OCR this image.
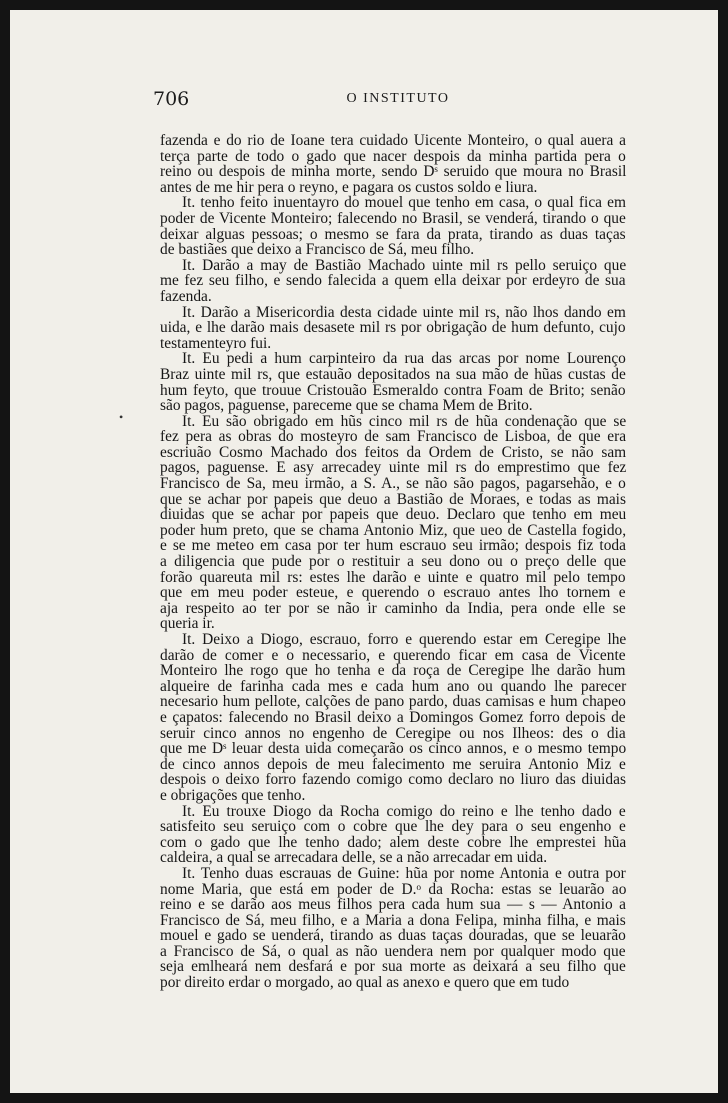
706	O INSTITUTO
•
fazenda e do rio de Ioane tera cuidado Uicente Monteiro, o qual auera a
terça parte de todo o gado que nacer despois da minha partida pera o
reino ou despois de minha morte, sendo Dˢ seruido que moura no Brasil
antes de me hir pera o reyno, e pagara os custos soldo e liura.
It. tenho feito inuentayro do mouel que tenho em casa, o qual fica em
poder de Vicente Monteiro; falecendo no Brasil, se venderá, tirando o que
deixar alguas pessoas; o mesmo se fara da prata, tirando as duas taças
de bastiães que deixo a Francisco de Sá, meu filho.
It. Darão a may de Bastião Machado uinte mil rs pello seruiço que
me fez seu filho, e sendo falecida a quem ella deixar por erdeyro de sua
fazenda.
It. Darão a Misericordia desta cidade uinte mil rs, não lhos dando em
uida, e lhe darão mais desasete mil rs por obrigação de hum defunto, cujo
testamenteyro fui.
It. Eu pedi a hum carpinteiro da rua das arcas por nome Lourenço
Braz uinte mil rs, que estauão depositados na sua mão de hũas custas de
hum feyto, que trouue Cristouão Esmeraldo contra Foam de Brito; senão
são pagos, paguense, pareceme que se chama Mem de Brito.
It. Eu são obrigado em hũs cinco mil rs de hũa condenação que se
fez pera as obras do mosteyro de sam Francisco de Lisboa, de que era
escriuão Cosmo Machado dos feitos da Ordem de Cristo, se não sam
pagos, paguense. E asy arrecadey uinte mil rs do emprestimo que fez
Francisco de Sa, meu irmão, a S. A., se não são pagos, pagarsehão, e o
que se achar por papeis que deuo a Bastião de Moraes, e todas as mais
diuidas que se achar por papeis que deuo. Declaro que tenho em meu
poder hum preto, que se chama Antonio Miz, que ueo de Castella fogido,
e se me meteo em casa por ter hum escrauo seu irmão; despois fiz toda
a diligencia que pude por o restituir a seu dono ou o preço delle que
forão quareuta mil rs: estes lhe darão e uinte e quatro mil pelo tempo
que em meu poder esteue, e querendo o escrauo antes lho tornem e
aja respeito ao ter por se não ir caminho da India, pera onde elle se
queria ir.
It. Deixo a Diogo, escrauo, forro e querendo estar em Ceregipe lhe
darão de comer e o necessario, e querendo ficar em casa de Vicente
Monteiro lhe rogo que ho tenha e da roça de Ceregipe lhe darão hum
alqueire de farinha cada mes e cada hum ano ou quando lhe parecer
necesario hum pellote, calções de pano pardo, duas camisas e hum chapeo
e çapatos: falecendo no Brasil deixo a Domingos Gomez forro depois de
seruir cinco annos no engenho de Ceregipe ou nos Ilheos: des o dia
que me Dˢ leuar desta uida começarão os cinco annos, e o mesmo tempo
de cinco annos depois de meu falecimento me seruira Antonio Miz e
despois o deixo forro fazendo comigo como declaro no liuro das diuidas
e obrigações que tenho.
It. Eu trouxe Diogo da Rocha comigo do reino e lhe tenho dado e
satisfeito seu seruiço com o cobre que lhe dey para o seu engenho e
com o gado que lhe tenho dado; alem deste cobre lhe emprestei hũa
caldeira, a qual se arrecadara delle, se a não arrecadar em uida.
It. Tenho duas escrauas de Guine: hũa por nome Antonia e outra por
nome Maria, que está em poder de D.ᵒ da Rocha: estas se leuarão ao
reino e se darão aos meus filhos pera cada hum sua — s — Antonio a
Francisco de Sá, meu filho, e a Maria a dona Felipa, minha filha, e mais
mouel e gado se uenderá, tirando as duas taças douradas, que se leuarão
a Francisco de Sá, o qual as não uendera nem por qualquer modo que
seja emlheará nem desfará e por sua morte as deixará a seu filho que
por direito erdar o morgado, ao qual as anexo e quero que em tudo
